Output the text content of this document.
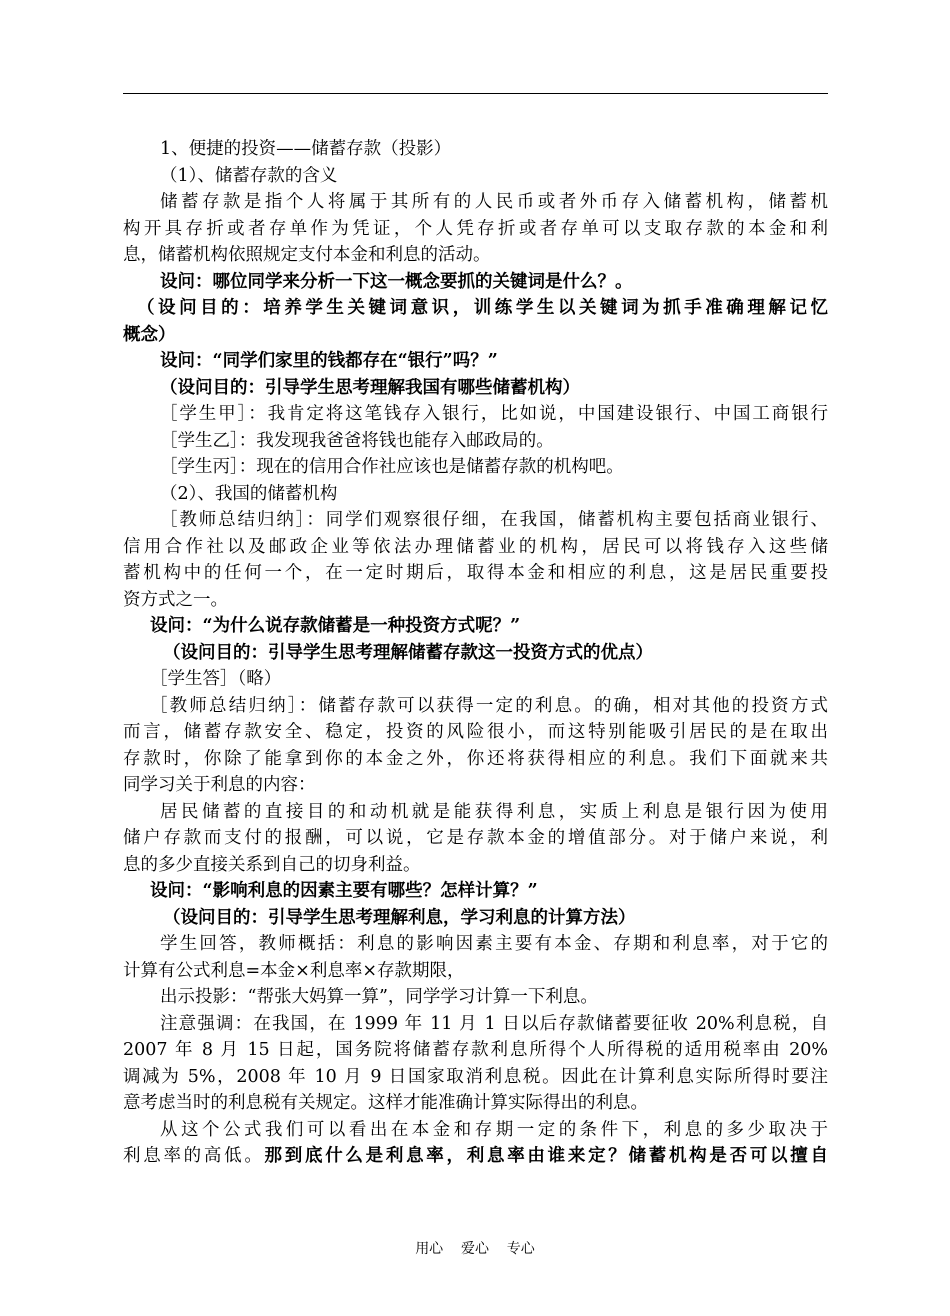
1、便捷的投资——储蓄存款（投影）
（1）、储蓄存款的含义
储蓄存款是指个人将属于其所有的人民币或者外币存入储蓄机构，储蓄机
构开具存折或者存单作为凭证，个人凭存折或者存单可以支取存款的本金和利
息，储蓄机构依照规定支付本金和利息的活动。
设问：哪位同学来分析一下这一概念要抓的关键词是什么？。
（设问目的：培养学生关键词意识，训练学生以关键词为抓手准确理解记忆
概念）
设问：“同学们家里的钱都存在“银行”吗？”
（设问目的：引导学生思考理解我国有哪些储蓄机构）
［学生甲］：我肯定将这笔钱存入银行，比如说，中国建设银行、中国工商银行
［学生乙］：我发现我爸爸将钱也能存入邮政局的。
［学生丙］：现在的信用合作社应该也是储蓄存款的机构吧。
（2）、我国的储蓄机构
［教师总结归纳］：同学们观察很仔细，在我国，储蓄机构主要包括商业银行、
信用合作社以及邮政企业等依法办理储蓄业的机构，居民可以将钱存入这些储
蓄机构中的任何一个，在一定时期后，取得本金和相应的利息，这是居民重要投
资方式之一。
设问：“为什么说存款储蓄是一种投资方式呢？”
（设问目的：引导学生思考理解储蓄存款这一投资方式的优点）
［学生答］（略）
［教师总结归纳］：储蓄存款可以获得一定的利息。的确，相对其他的投资方式
而言，储蓄存款安全、稳定，投资的风险很小，而这特别能吸引居民的是在取出
存款时，你除了能拿到你的本金之外，你还将获得相应的利息。我们下面就来共
同学习关于利息的内容：
居民储蓄的直接目的和动机就是能获得利息，实质上利息是银行因为使用
储户存款而支付的报酬，可以说，它是存款本金的增值部分。对于储户来说，利
息的多少直接关系到自己的切身利益。
设问：“影响利息的因素主要有哪些？怎样计算？”
（设问目的：引导学生思考理解利息，学习利息的计算方法）
学生回答，教师概括：利息的影响因素主要有本金、存期和利息率，对于它的
计算有公式利息=本金×利息率×存款期限，
出示投影：“帮张大妈算一算”，同学学习计算一下利息。
注意强调：在我国，在 1999 年 11 月 1 日以后存款储蓄要征收 20%利息税，自
2007 年 8 月 15 日起，国务院将储蓄存款利息所得个人所得税的适用税率由 20%
调减为 5%，2008 年 10 月 9 日国家取消利息税。因此在计算利息实际所得时要注
意考虑当时的利息税有关规定。这样才能准确计算实际得出的利息。
从这个公式我们可以看出在本金和存期一定的条件下，利息的多少取决于
利息率的高低。那到底什么是利息率，利息率由谁来定？储蓄机构是否可以擅自
用心    爱心    专心
